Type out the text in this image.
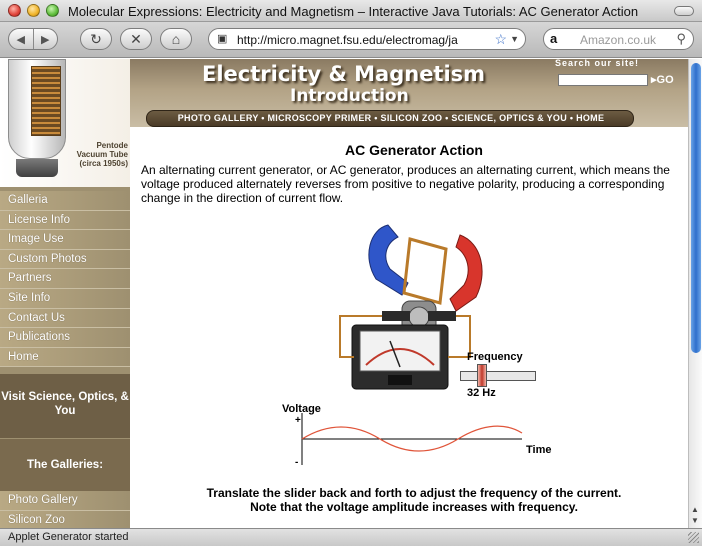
Molecular Expressions: Electricity and Magnetism – Interactive Java Tutorials: AC Generator Action
◀	▶	↻ ✕ ⌂	▣ http://micro.magnet.fsu.edu/electromag/ja	☆ ▼ a Amazon.co.uk ⚲
Pentode Vacuum Tube (circa 1950s)
Electricity & Magnetism
Introduction
Search our site!
▸GO
PHOTO GALLERY • MICROSCOPY PRIMER • SILICON ZOO • SCIENCE, OPTICS & YOU • HOME
Galleria
License Info
Image Use
Custom Photos
Partners
Site Info
Contact Us
Publications
Home
Visit Science, Optics, & You
The Galleries:
Photo Gallery
Silicon Zoo
AC Generator Action
An alternating current generator, or AC generator, produces an alternating current, which means the voltage produced alternately reverses from positive to negative polarity, producing a corresponding change in the direction of current flow.
Frequency
32 Hz
Voltage
+
-
Time
Translate the slider back and forth to adjust the frequency of the current.
Note that the voltage amplitude increases with frequency.	▲
▼
Applet Generator started
